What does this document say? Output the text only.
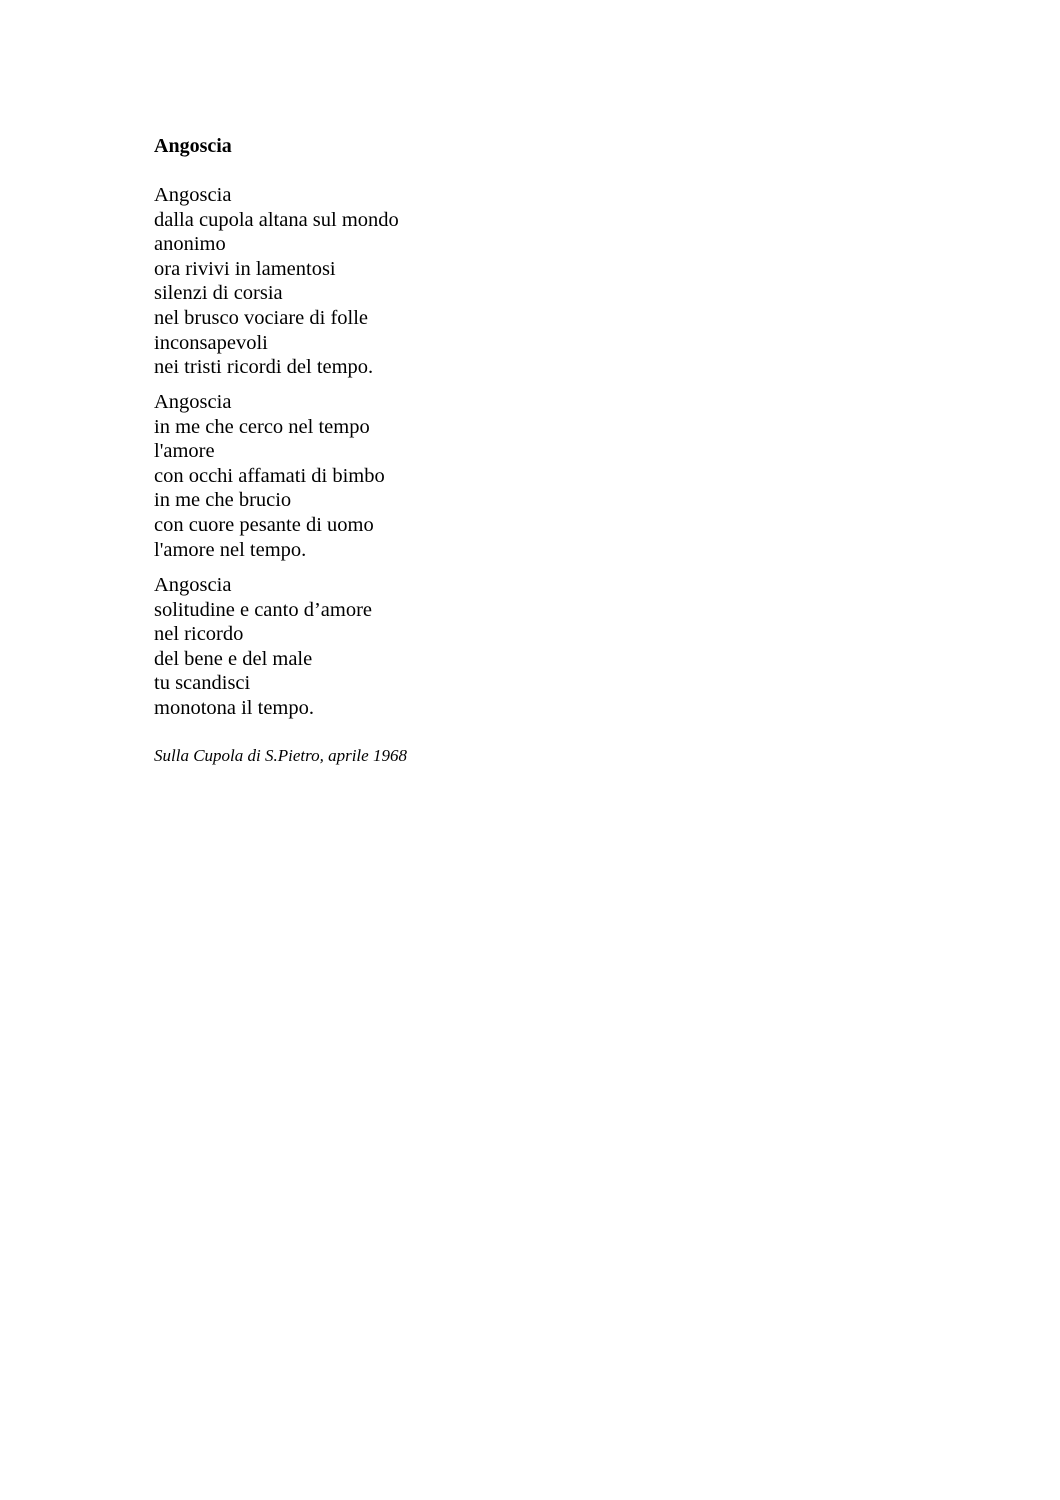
Angoscia
Angoscia
dalla cupola altana sul mondo
anonimo
ora rivivi in lamentosi
silenzi di corsia
nel brusco vociare di folle
inconsapevoli
nei tristi ricordi del tempo.
Angoscia
in me che cerco nel tempo
l'amore
con occhi affamati di bimbo
in me che brucio
con cuore pesante di uomo
l'amore nel tempo.
Angoscia
solitudine e canto d’amore
nel ricordo
del bene e del male
tu scandisci
monotona il tempo.

Sulla Cupola di S.Pietro, aprile 1968
